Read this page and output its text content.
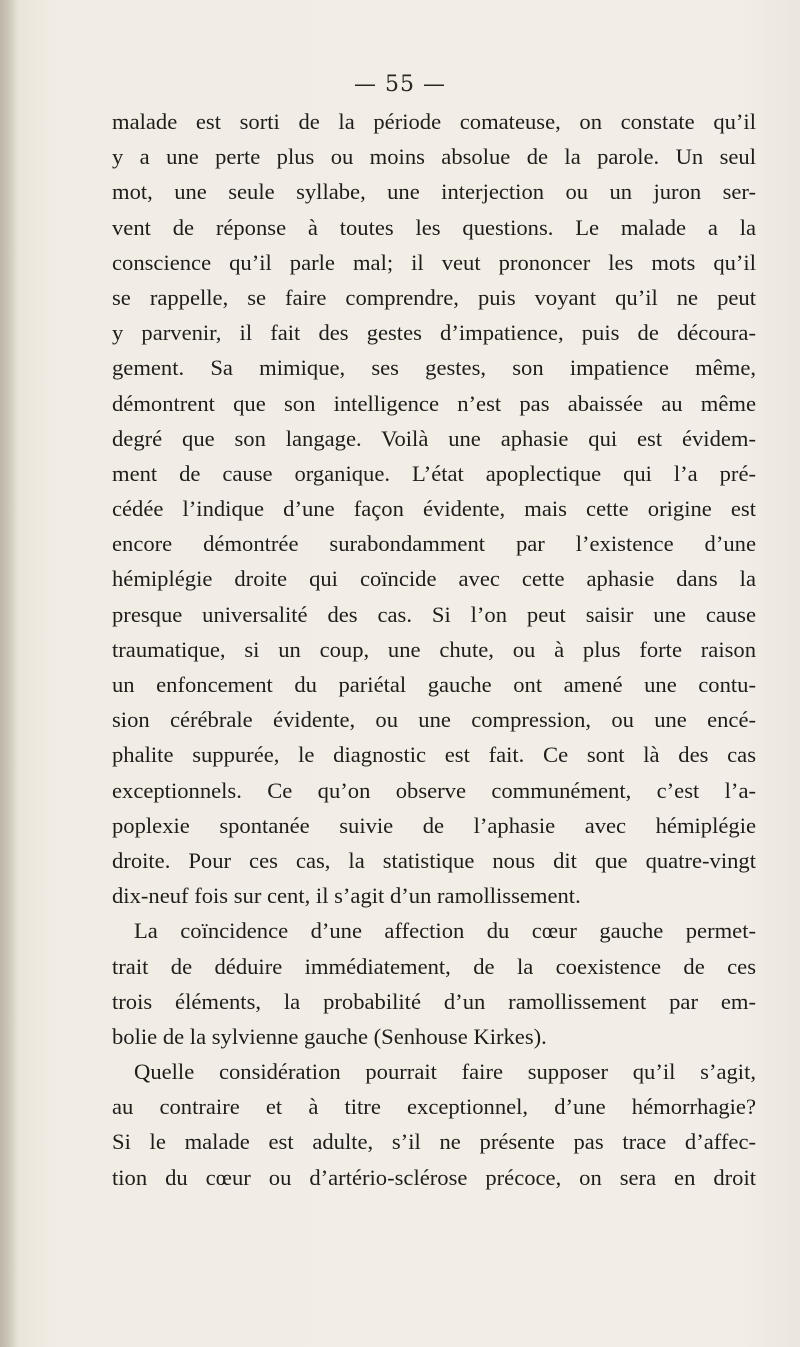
— 55 —
malade est sorti de la période comateuse, on constate qu’il
y a une perte plus ou moins absolue de la parole. Un seul
mot, une seule syllabe, une interjection ou un juron ser-
vent de réponse à toutes les questions. Le malade a la
conscience qu’il parle mal; il veut prononcer les mots qu’il
se rappelle, se faire comprendre, puis voyant qu’il ne peut
y parvenir, il fait des gestes d’impatience, puis de découra-
gement. Sa mimique, ses gestes, son impatience même,
démontrent que son intelligence n’est pas abaissée au même
degré que son langage. Voilà une aphasie qui est évidem-
ment de cause organique. L’état apoplectique qui l’a pré-
cédée l’indique d’une façon évidente, mais cette origine est
encore démontrée surabondamment par l’existence d’une
hémiplégie droite qui coïncide avec cette aphasie dans la
presque universalité des cas. Si l’on peut saisir une cause
traumatique, si un coup, une chute, ou à plus forte raison
un enfoncement du pariétal gauche ont amené une contu-
sion cérébrale évidente, ou une compression, ou une encé-
phalite suppurée, le diagnostic est fait. Ce sont là des cas
exceptionnels. Ce qu’on observe communément, c’est l’a-
poplexie spontanée suivie de l’aphasie avec hémiplégie
droite. Pour ces cas, la statistique nous dit que quatre-vingt
dix-neuf fois sur cent, il s’agit d’un ramollissement.
La coïncidence d’une affection du cœur gauche permet-
trait de déduire immédiatement, de la coexistence de ces
trois éléments, la probabilité d’un ramollissement par em-
bolie de la sylvienne gauche (Senhouse Kirkes).
Quelle considération pourrait faire supposer qu’il s’agit,
au contraire et à titre exceptionnel, d’une hémorrhagie?
Si le malade est adulte, s’il ne présente pas trace d’affec-
tion du cœur ou d’artério-sclérose précoce, on sera en droit
